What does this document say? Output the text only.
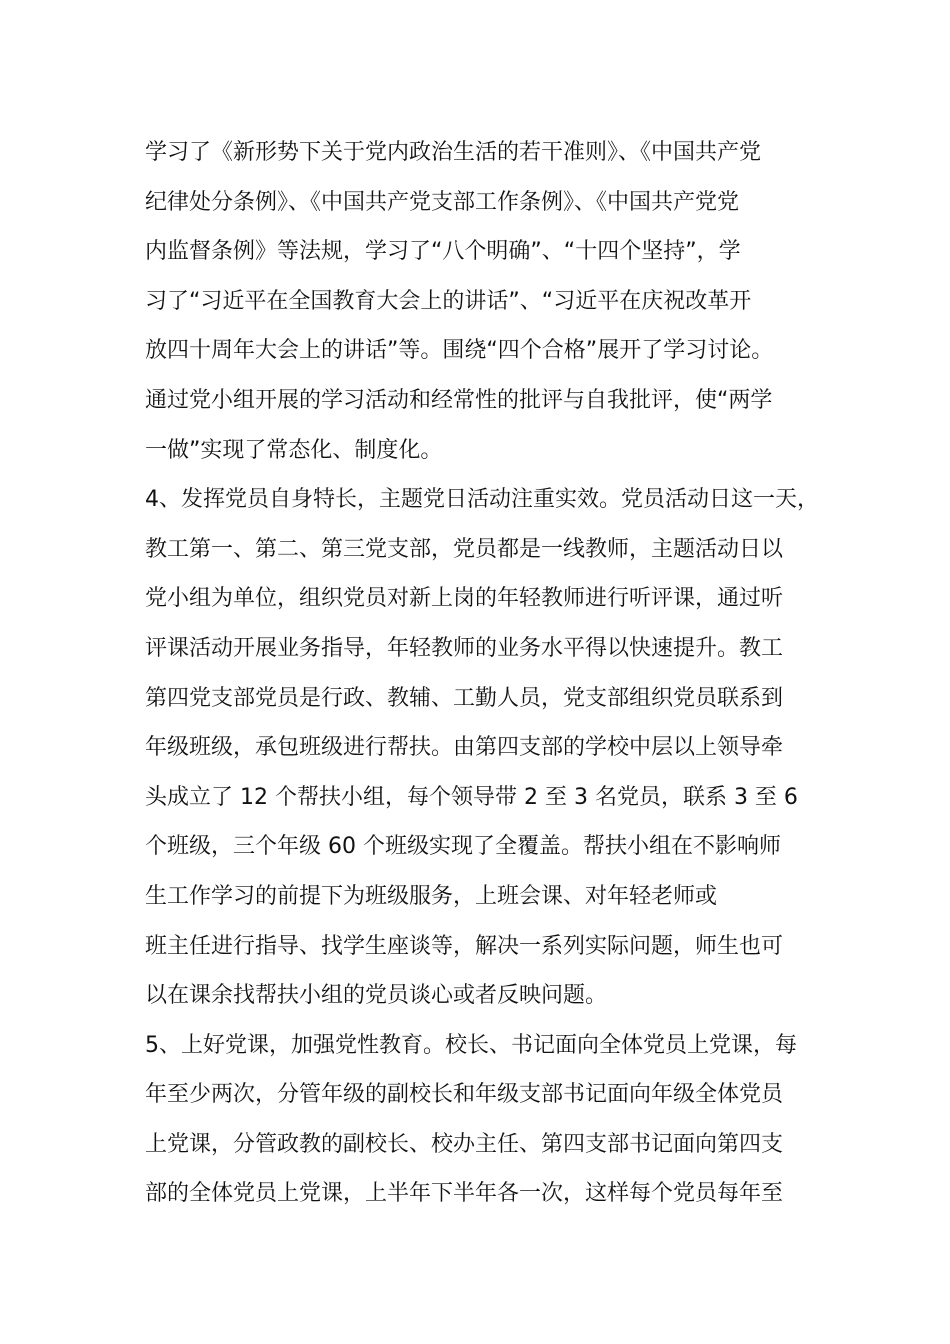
学习了《新形势下关于党内政治生活的若干准则》、《中国共产党
纪律处分条例》、《中国共产党支部工作条例》、《中国共产党党
内监督条例》等法规，学习了“八个明确”、“十四个坚持”，学
习了“习近平在全国教育大会上的讲话”、“习近平在庆祝改革开
放四十周年大会上的讲话”等。围绕“四个合格”展开了学习讨论。
通过党小组开展的学习活动和经常性的批评与自我批评，使“两学
一做”实现了常态化、制度化。
4、发挥党员自身特长，主题党日活动注重实效。党员活动日这一天，
教工第一、第二、第三党支部，党员都是一线教师，主题活动日以
党小组为单位，组织党员对新上岗的年轻教师进行听评课，通过听
评课活动开展业务指导，年轻教师的业务水平得以快速提升。教工
第四党支部党员是行政、教辅、工勤人员，党支部组织党员联系到
年级班级，承包班级进行帮扶。由第四支部的学校中层以上领导牵
头成立了 12 个帮扶小组，每个领导带 2 至 3 名党员，联系 3 至 6
个班级，三个年级 60 个班级实现了全覆盖。帮扶小组在不影响师
生工作学习的前提下为班级服务，上班会课、对年轻老师或
班主任进行指导、找学生座谈等，解决一系列实际问题，师生也可
以在课余找帮扶小组的党员谈心或者反映问题。
5、上好党课，加强党性教育。校长、书记面向全体党员上党课，每
年至少两次，分管年级的副校长和年级支部书记面向年级全体党员
上党课，分管政教的副校长、校办主任、第四支部书记面向第四支
部的全体党员上党课，上半年下半年各一次，这样每个党员每年至
